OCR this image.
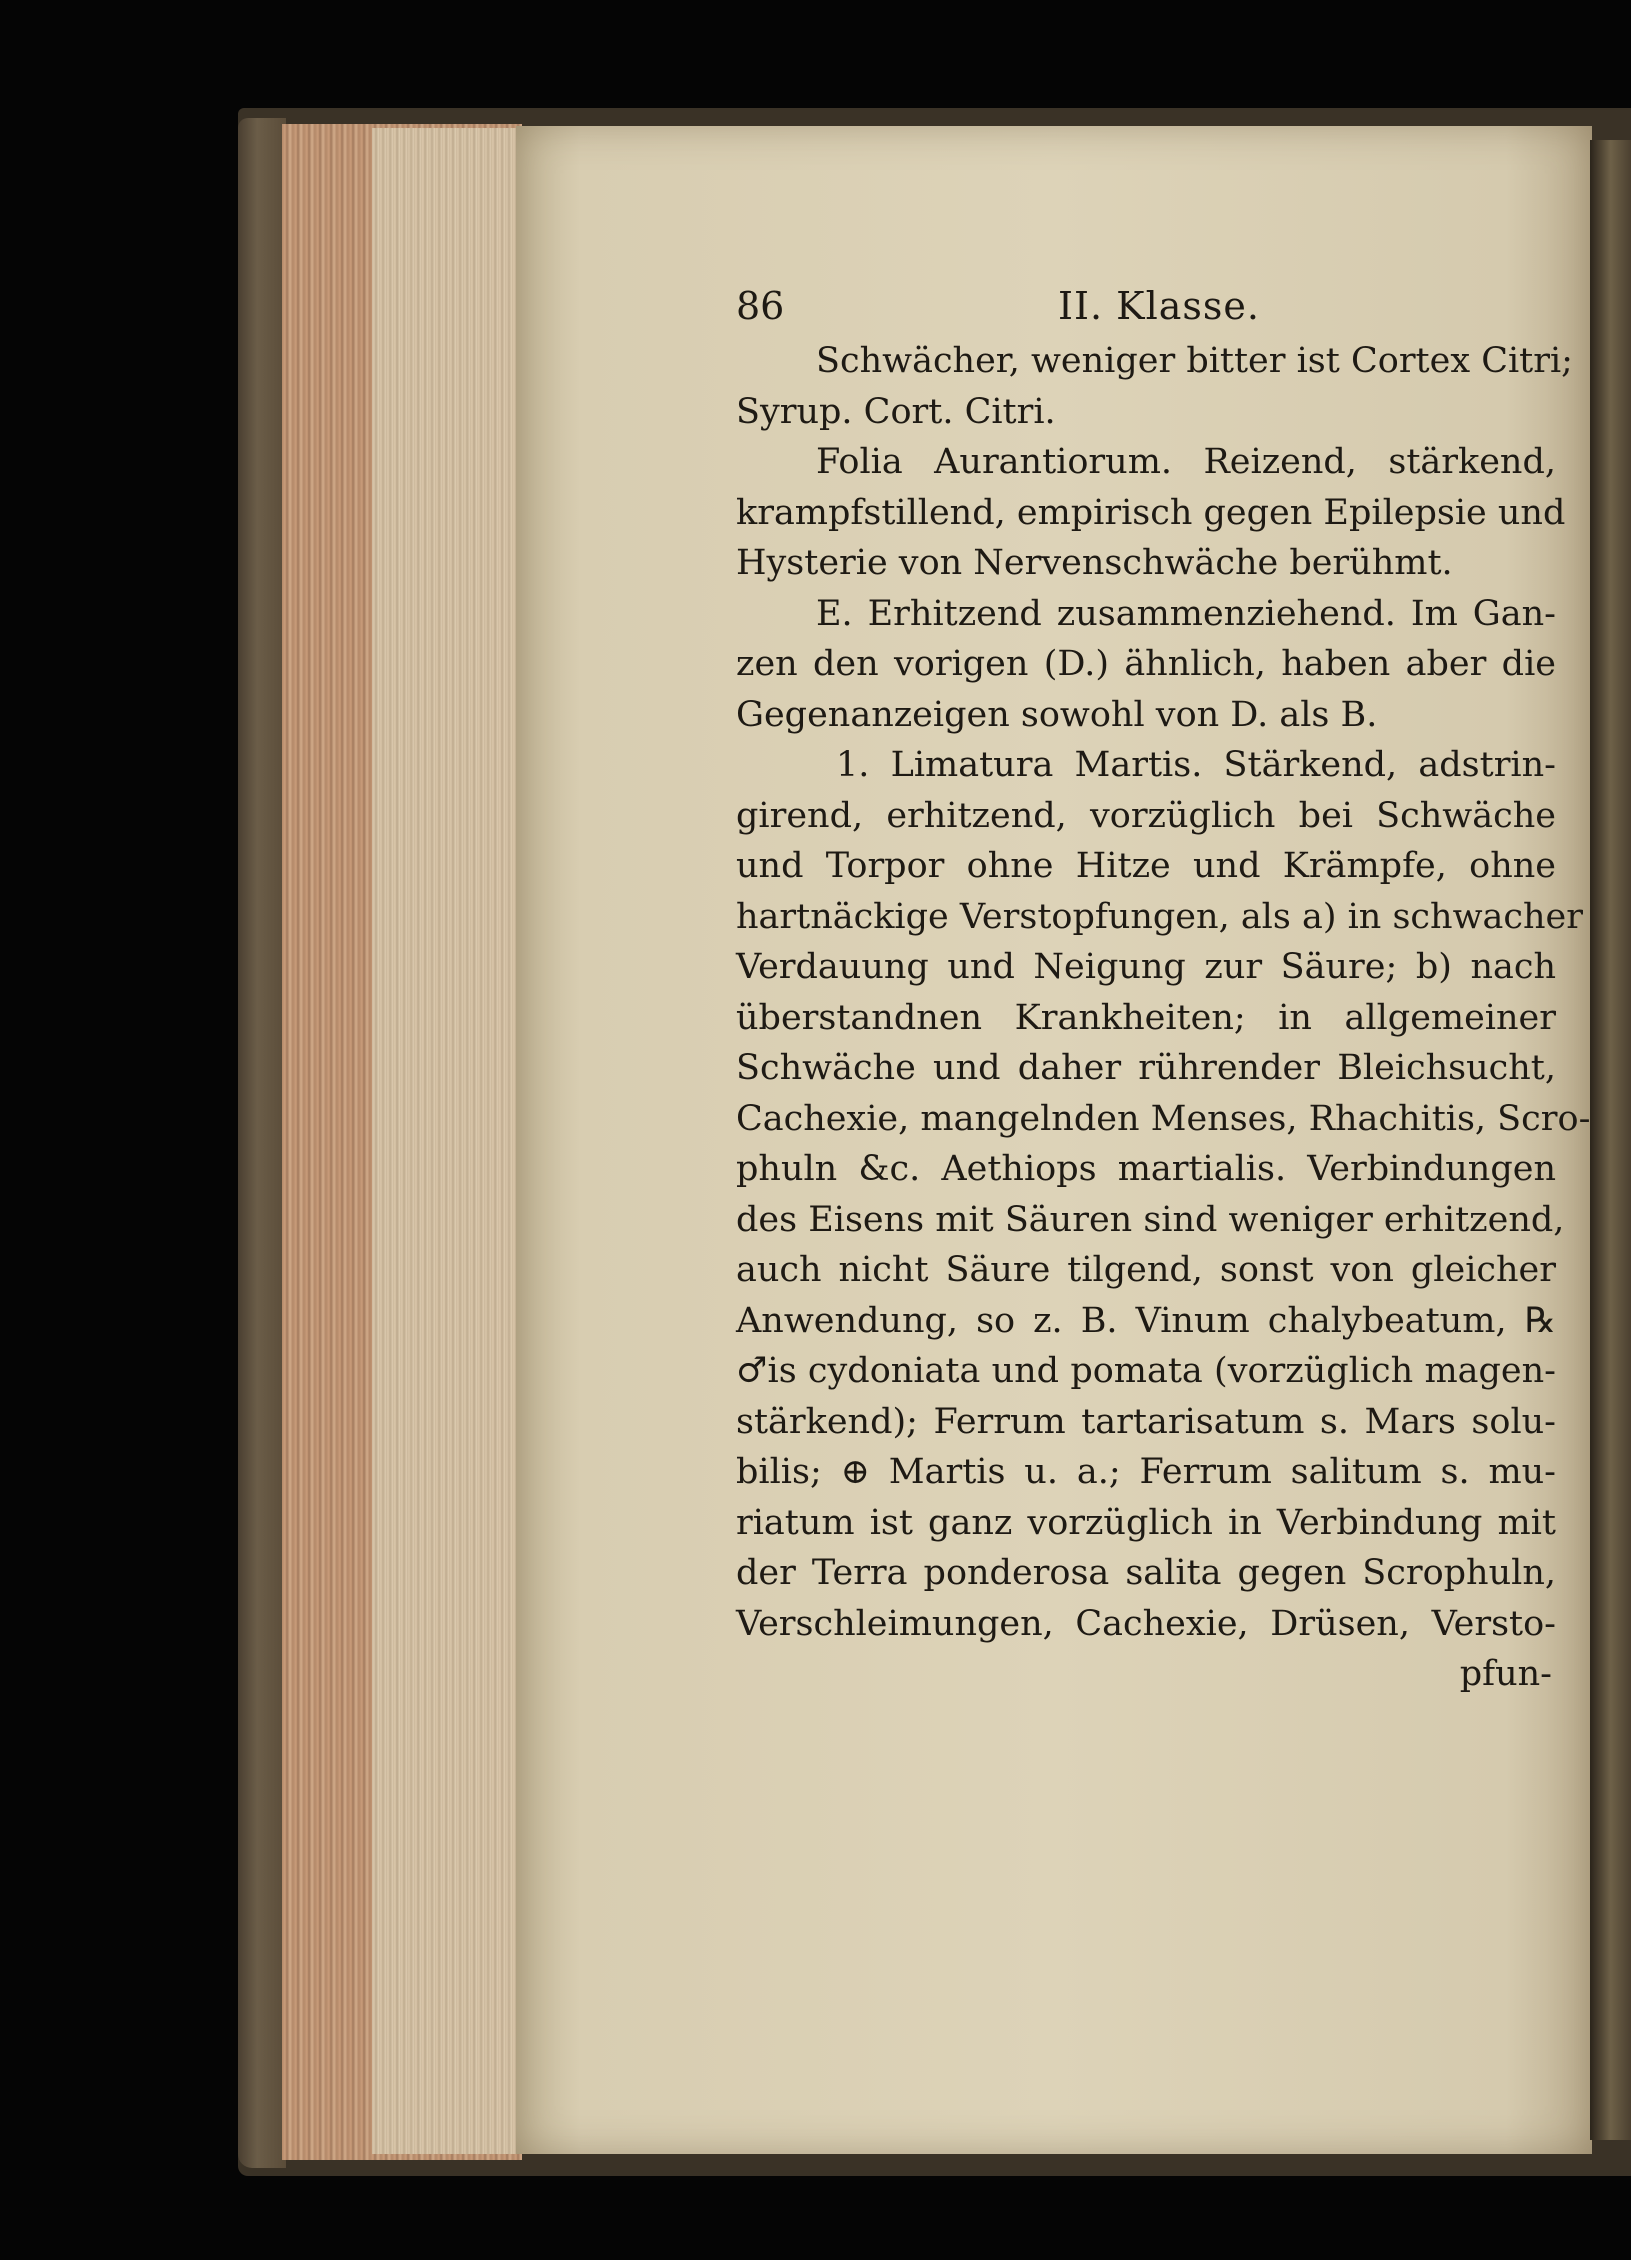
86	II. Klasse.
Schwächer, weniger bitter ist Cortex Citri;
Syrup. Cort. Citri.
Folia Aurantiorum. Reizend, stärkend,
krampfstillend, empirisch gegen Epilepsie und
Hysterie von Nervenschwäche berühmt.
E. Erhitzend zusammenziehend. Im Gan-
zen den vorigen (D.) ähnlich, haben aber die
Gegenanzeigen sowohl von D. als B.
1. Limatura Martis. Stärkend, adstrin-
girend, erhitzend, vorzüglich bei Schwäche
und Torpor ohne Hitze und Krämpfe, ohne
hartnäckige Verstopfungen, als a) in schwacher
Verdauung und Neigung zur Säure; b) nach
überstandnen Krankheiten; in allgemeiner
Schwäche und daher rührender Bleichsucht,
Cachexie, mangelnden Menses, Rhachitis, Scro-
phuln &c. Aethiops martialis. Verbindungen
des Eisens mit Säuren sind weniger erhitzend,
auch nicht Säure tilgend, sonst von gleicher
Anwendung, so z. B. Vinum chalybeatum, ℞
♂is cydoniata und pomata (vorzüglich magen-
stärkend); Ferrum tartarisatum s. Mars solu-
bilis; ⊕ Martis u. a.; Ferrum salitum s. mu-
riatum ist ganz vorzüglich in Verbindung mit
der Terra ponderosa salita gegen Scrophuln,
Verschleimungen, Cachexie, Drüsen, Versto-
pfun-
